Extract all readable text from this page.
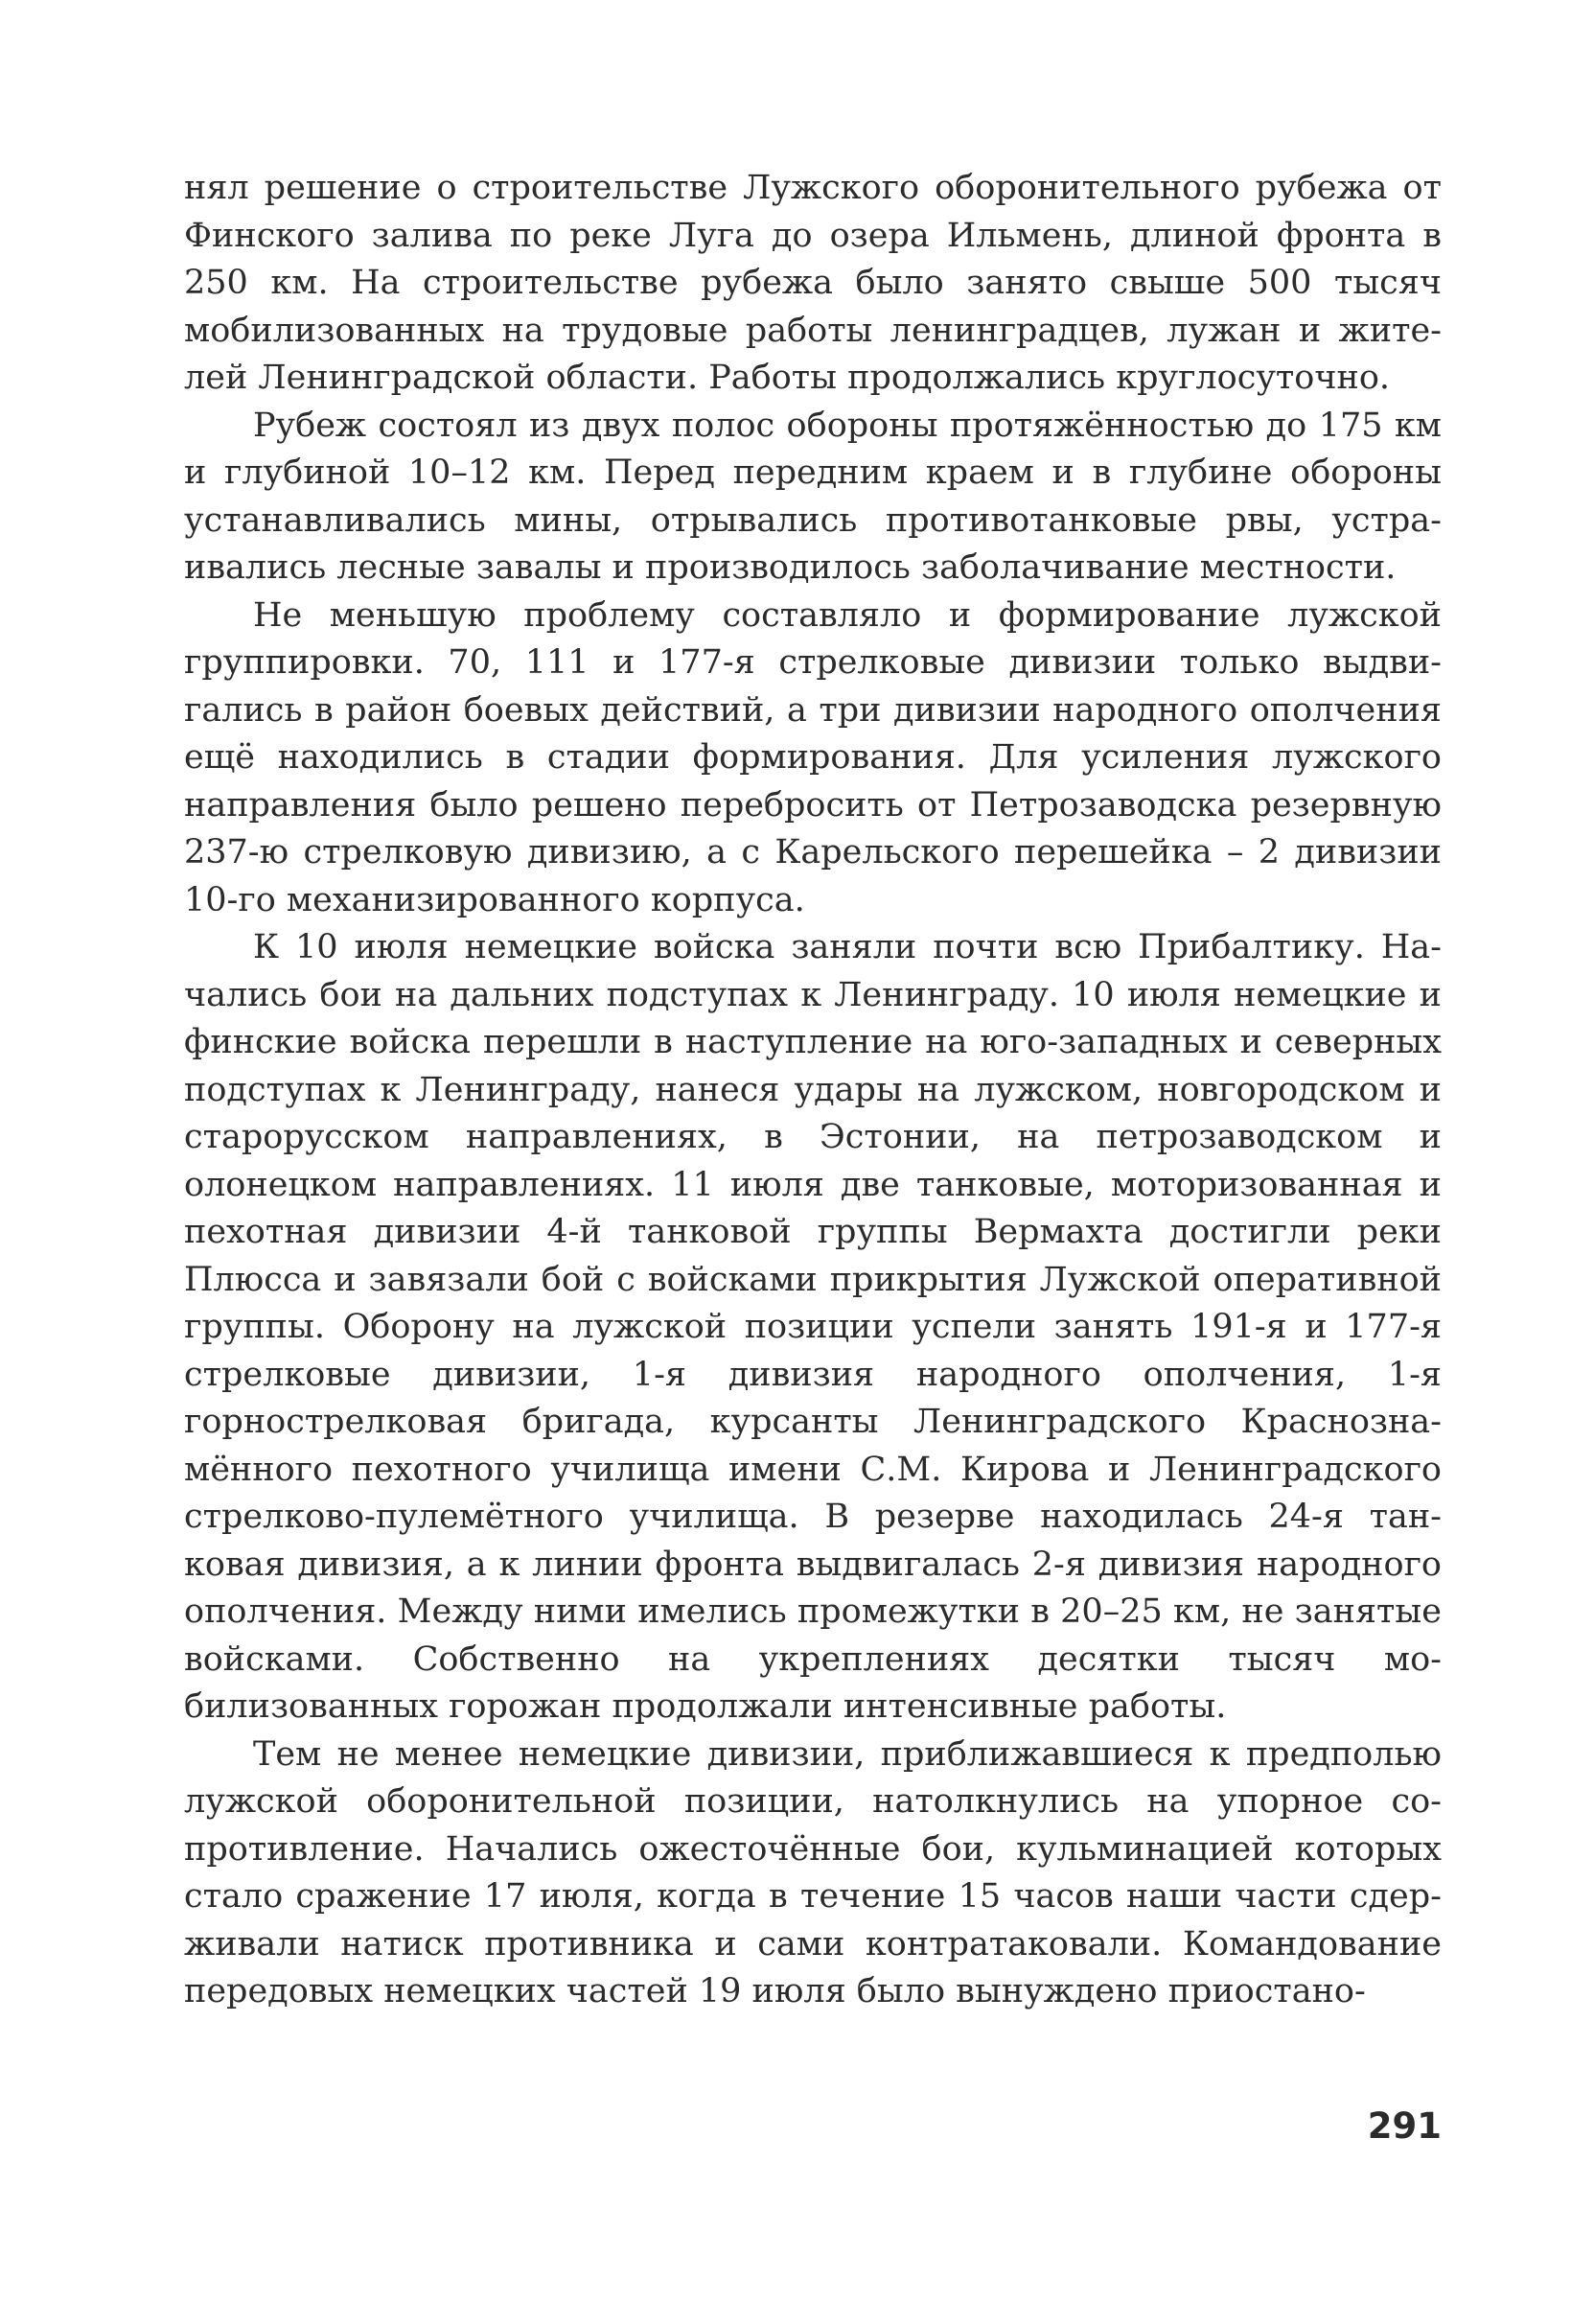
нял решение о строительстве Лужского оборонительного рубежа от Финского залива по реке Луга до озера Ильмень, длиной фронта в 250 км. На строительстве рубежа было занято свыше 500 тысяч мобилизованных на трудовые работы ленинградцев, лужан и жителей Ленинградской области. Работы продолжались круглосуточно.

Рубеж состоял из двух полос обороны протяжённостью до 175 км и глубиной 10–12 км. Перед передним краем и в глубине обороны устанавливались мины, отрывались противотанковые рвы, устраивались лесные завалы и производилось заболачивание местности.

Не меньшую проблему составляло и формирование лужской группировки. 70, 111 и 177-я стрелковые дивизии только выдвигались в район боевых действий, а три дивизии народного ополчения ещё находились в стадии формирования. Для усиления лужского направления было решено перебросить от Петрозаводска резервную 237-ю стрелковую дивизию, а с Карельского перешейка – 2 дивизии 10-го механизированного корпуса.

К 10 июля немецкие войска заняли почти всю Прибалтику. Начались бои на дальних подступах к Ленинграду. 10 июля немецкие и финские войска перешли в наступление на юго-западных и северных подступах к Ленинграду, нанеся удары на лужском, новгородском и старорусском направлениях, в Эстонии, на петрозаводском и олонецком направлениях. 11 июля две танковые, моторизованная и пехотная дивизии 4-й танковой группы Вермахта достигли реки Плюсса и завязали бой с войсками прикрытия Лужской оперативной группы. Оборону на лужской позиции успели занять 191-я и 177-я стрелковые дивизии, 1-я дивизия народного ополчения, 1-я горнострелковая бригада, курсанты Ленинградского Краснознамённого пехотного училища имени С.М. Кирова и Ленинградского стрелково-пулемётного училища. В резерве находилась 24-я танковая дивизия, а к линии фронта выдвигалась 2-я дивизия народного ополчения. Между ними имелись промежутки в 20–25 км, не занятые войсками. Собственно на укреплениях десятки тысяч мобилизованных горожан продолжали интенсивные работы.

Тем не менее немецкие дивизии, приближавшиеся к предполью лужской оборонительной позиции, натолкнулись на упорное сопротивление. Начались ожесточённые бои, кульминацией которых стало сражение 17 июля, когда в течение 15 часов наши части сдерживали натиск противника и сами контратаковали. Командование передовых немецких частей 19 июля было вынуждено приостано-

291
